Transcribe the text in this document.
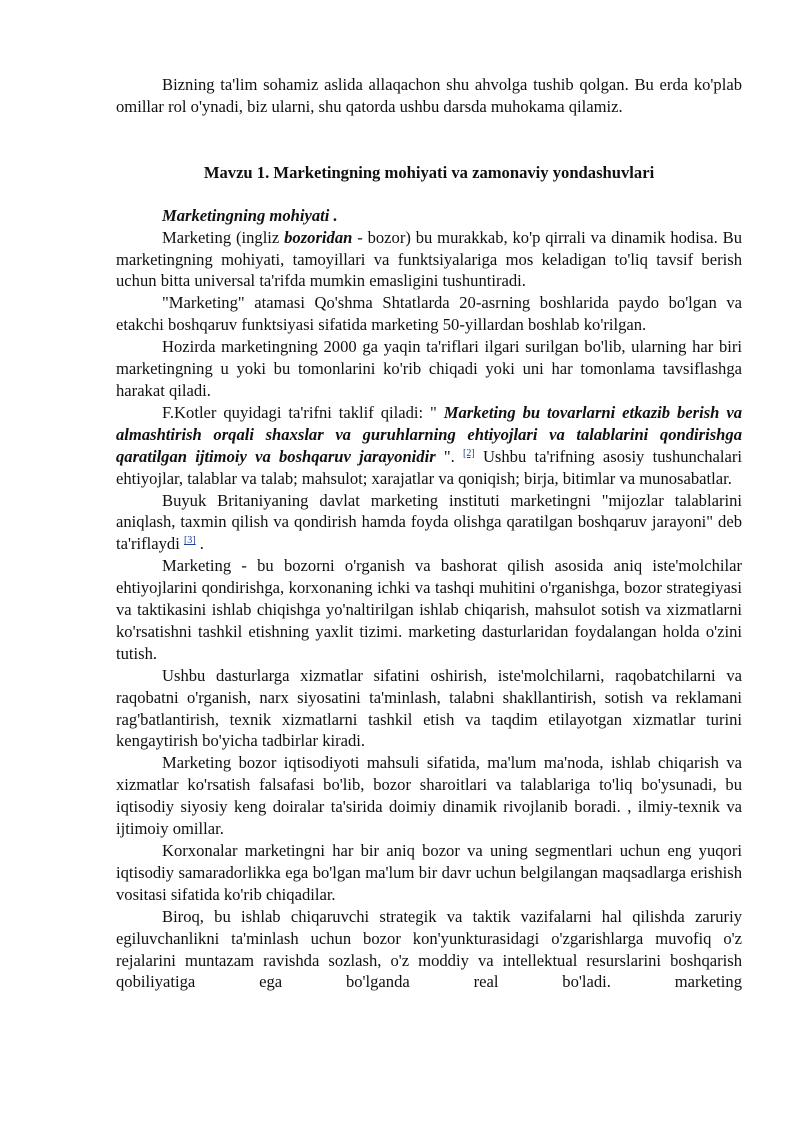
Bizning ta'lim sohamiz aslida allaqachon shu ahvolga tushib qolgan. Bu erda ko'plab omillar rol o'ynadi, biz ularni, shu qatorda ushbu darsda muhokama qilamiz.

Mavzu 1. Marketingning mohiyati va zamonaviy yondashuvlari

Marketingning mohiyati .

Marketing (ingliz bozoridan - bozor) bu murakkab, ko'p qirrali va dinamik hodisa. Bu marketingning mohiyati, tamoyillari va funktsiyalariga mos keladigan to'liq tavsif berish uchun bitta universal ta'rifda mumkin emasligini tushuntiradi.

"Marketing" atamasi Qo'shma Shtatlarda 20-asrning boshlarida paydo bo'lgan va etakchi boshqaruv funktsiyasi sifatida marketing 50-yillardan boshlab ko'rilgan.

Hozirda marketingning 2000 ga yaqin ta'riflari ilgari surilgan bo'lib, ularning har biri marketingning u yoki bu tomonlarini ko'rib chiqadi yoki uni har tomonlama tavsiflashga harakat qiladi.

F.Kotler quyidagi ta'rifni taklif qiladi: " Marketing bu tovarlarni etkazib berish va almashtirish orqali shaxslar va guruhlarning ehtiyojlari va talablarini qondirishga qaratilgan ijtimoiy va boshqaruv jarayonidir ". [2] Ushbu ta'rifning asosiy tushunchalari ehtiyojlar, talablar va talab; mahsulot; xarajatlar va qoniqish; birja, bitimlar va munosabatlar.

Buyuk Britaniyaning davlat marketing instituti marketingni "mijozlar talablarini aniqlash, taxmin qilish va qondirish hamda foyda olishga qaratilgan boshqaruv jarayoni" deb ta'riflaydi [3] .

Marketing - bu bozorni o'rganish va bashorat qilish asosida aniq iste'molchilar ehtiyojlarini qondirishga, korxonaning ichki va tashqi muhitini o'rganishga, bozor strategiyasi va taktikasini ishlab chiqishga yo'naltirilgan ishlab chiqarish, mahsulot sotish va xizmatlarni ko'rsatishni tashkil etishning yaxlit tizimi. marketing dasturlaridan foydalangan holda o'zini tutish.

Ushbu dasturlarga xizmatlar sifatini oshirish, iste'molchilarni, raqobatchilarni va raqobatni o'rganish, narx siyosatini ta'minlash, talabni shakllantirish, sotish va reklamani rag'batlantirish, texnik xizmatlarni tashkil etish va taqdim etilayotgan xizmatlar turini kengaytirish bo'yicha tadbirlar kiradi.

Marketing bozor iqtisodiyoti mahsuli sifatida, ma'lum ma'noda, ishlab chiqarish va xizmatlar ko'rsatish falsafasi bo'lib, bozor sharoitlari va talablariga to'liq bo'ysunadi, bu iqtisodiy siyosiy keng doiralar ta'sirida doimiy dinamik rivojlanib boradi. , ilmiy-texnik va ijtimoiy omillar.

Korxonalar marketingni har bir aniq bozor va uning segmentlari uchun eng yuqori iqtisodiy samaradorlikka ega bo'lgan ma'lum bir davr uchun belgilangan maqsadlarga erishish vositasi sifatida ko'rib chiqadilar.

Biroq, bu ishlab chiqaruvchi strategik va taktik vazifalarni hal qilishda zaruriy egiluvchanlikni ta'minlash uchun bozor kon'yunkturasidagi o'zgarishlarga muvofiq o'z rejalarini muntazam ravishda sozlash, o'z moddiy va intellektual resurslarini boshqarish qobiliyatiga ega bo'lganda real bo'ladi. marketing
